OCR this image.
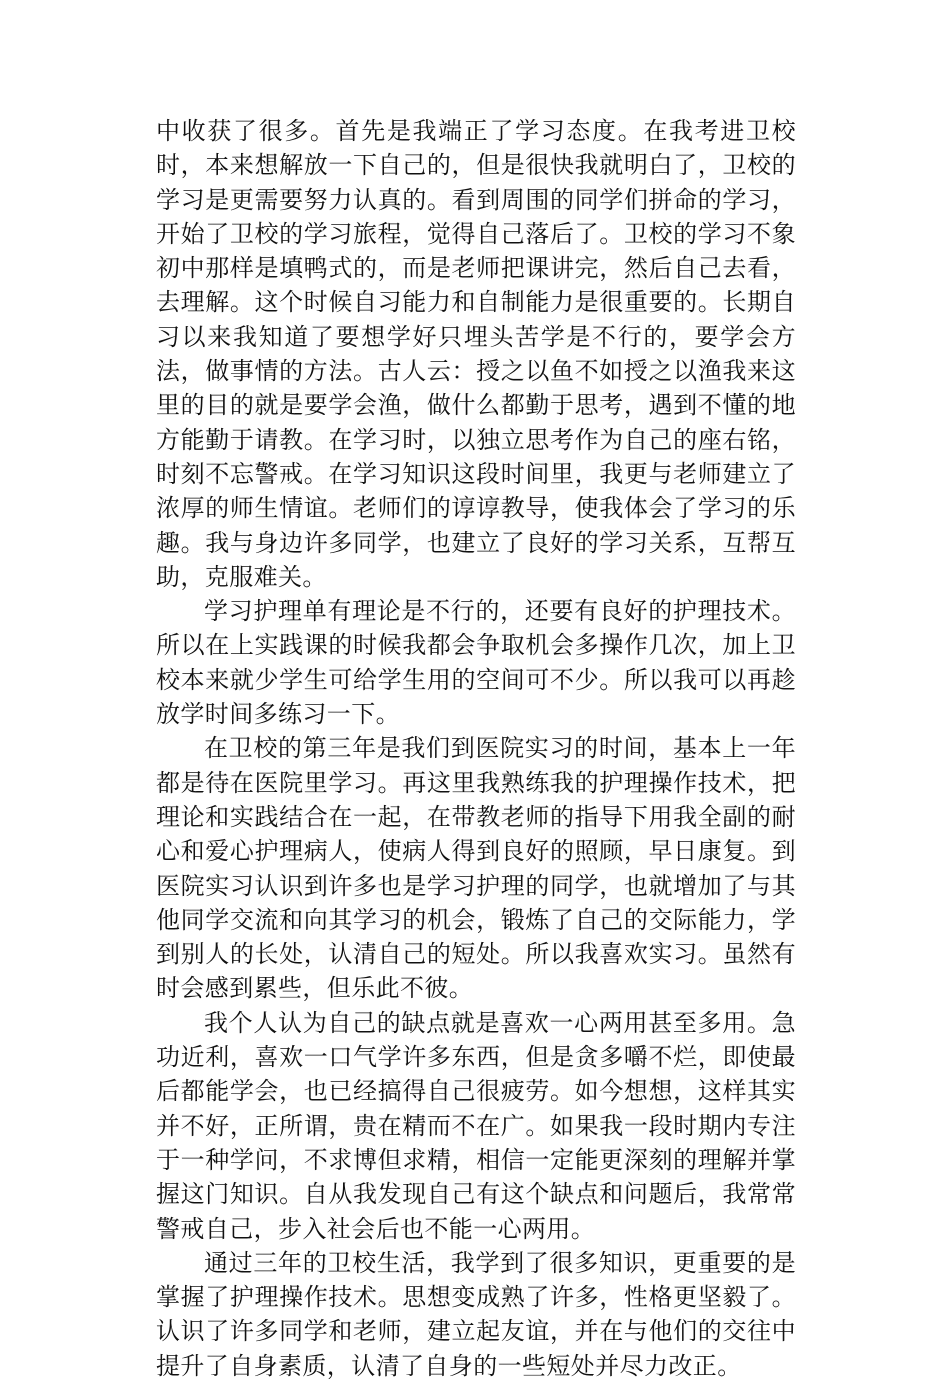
中收获了很多。首先是我端正了学习态度。在我考进卫校时，本来想解放一下自己的，但是很快我就明白了，卫校的学习是更需要努力认真的。看到周围的同学们拼命的学习，开始了卫校的学习旅程，觉得自己落后了。卫校的学习不象初中那样是填鸭式的，而是老师把课讲完，然后自己去看，去理解。这个时候自习能力和自制能力是很重要的。长期自习以来我知道了要想学好只埋头苦学是不行的，要学会方法，做事情的方法。古人云：授之以鱼不如授之以渔我来这里的目的就是要学会渔，做什么都勤于思考，遇到不懂的地方能勤于请教。在学习时，以独立思考作为自己的座右铭，时刻不忘警戒。在学习知识这段时间里，我更与老师建立了浓厚的师生情谊。老师们的谆谆教导，使我体会了学习的乐趣。我与身边许多同学，也建立了良好的学习关系，互帮互助，克服难关。

学习护理单有理论是不行的，还要有良好的护理技术。所以在上实践课的时候我都会争取机会多操作几次，加上卫校本来就少学生可给学生用的空间可不少。所以我可以再趁放学时间多练习一下。

在卫校的第三年是我们到医院实习的时间，基本上一年都是待在医院里学习。再这里我熟练我的护理操作技术，把理论和实践结合在一起，在带教老师的指导下用我全副的耐心和爱心护理病人，使病人得到良好的照顾，早日康复。到医院实习认识到许多也是学习护理的同学，也就增加了与其他同学交流和向其学习的机会，锻炼了自己的交际能力，学到别人的长处，认清自己的短处。所以我喜欢实习。虽然有时会感到累些，但乐此不彼。

我个人认为自己的缺点就是喜欢一心两用甚至多用。急功近利，喜欢一口气学许多东西，但是贪多嚼不烂，即使最后都能学会，也已经搞得自己很疲劳。如今想想，这样其实并不好，正所谓，贵在精而不在广。如果我一段时期内专注于一种学问，不求博但求精，相信一定能更深刻的理解并掌握这门知识。自从我发现自己有这个缺点和问题后，我常常警戒自己，步入社会后也不能一心两用。

通过三年的卫校生活，我学到了很多知识，更重要的是掌握了护理操作技术。思想变成熟了许多，性格更坚毅了。认识了许多同学和老师，建立起友谊，并在与他们的交往中提升了自身素质，认清了自身的一些短处并尽力改正。
